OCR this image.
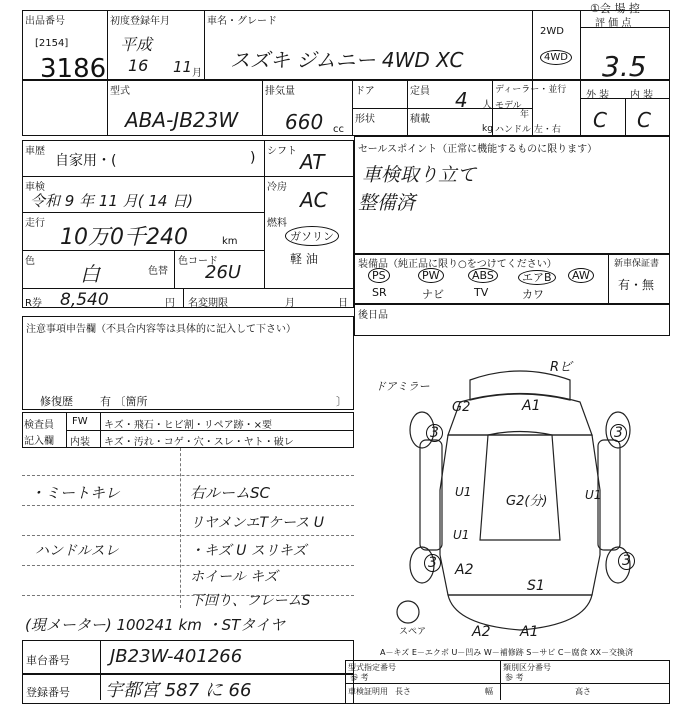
①会 場 控
出品番号
[2154]
3186
初度登録年月
平成
16 11 月
車名・グレード
スズキ ジムニー 4WD XC
2WD
4WD
評 価 点
3.5
外 装 内 装
C C
型式
ABA-JB23W
排気量
660 cc
ドア	定員 4 人
ディーラー・並行
モデル
年
形状	積載
kg ハンドル 左・右
車歴
自家用・(	) シフト AT
車検
令和 9 年 11 月( 14 日)
冷房
AC
走行
10万0千240	km
燃料
ガソリン
軽 油
色
白	色替
色コード
26U
R券 8,540	円 名変期限	月	日
セールスポイント（正常に機能するものに限ります）
車検取り立て
整備済
装備品（純正品に限り○をつけてください）
PS	PW	ABS	エアB	AW
SR	ナビ	TV	カワ
新車保証書
有・無
後日品
注意事項申告欄（不具合内容等は具体的に記入して下さい）
修復歴 有 〔箇所	〕
検査員
記入欄
FW キズ・飛石・ヒビ割・リペア跡・×要
内装 キズ・汚れ・コゲ・穴・スレ・ヤト・破レ
・ミートキレ
ハンドルスレ
右ルームSC
リヤメンエTケース U
・キズ U スリキズ
ホイール キズ
下回り、フレームS
(現メーター) 100241 km ・STタイヤ
ドアミラー
Rビ
G2	A1
3	3
U1
G2(分)	U1
U1
3 A2
S1
3
A2 A1
スペア
A－キズ E－エクボ U－凹み W－補修跡 S－サビ C－腐食 XX－交換済
車台番号 JB23W-401266
登録番号 宇都宮 587 に 66
型式指定番号
参 考
類別区分番号
参 考
車検証明用 長さ	幅	高さ
